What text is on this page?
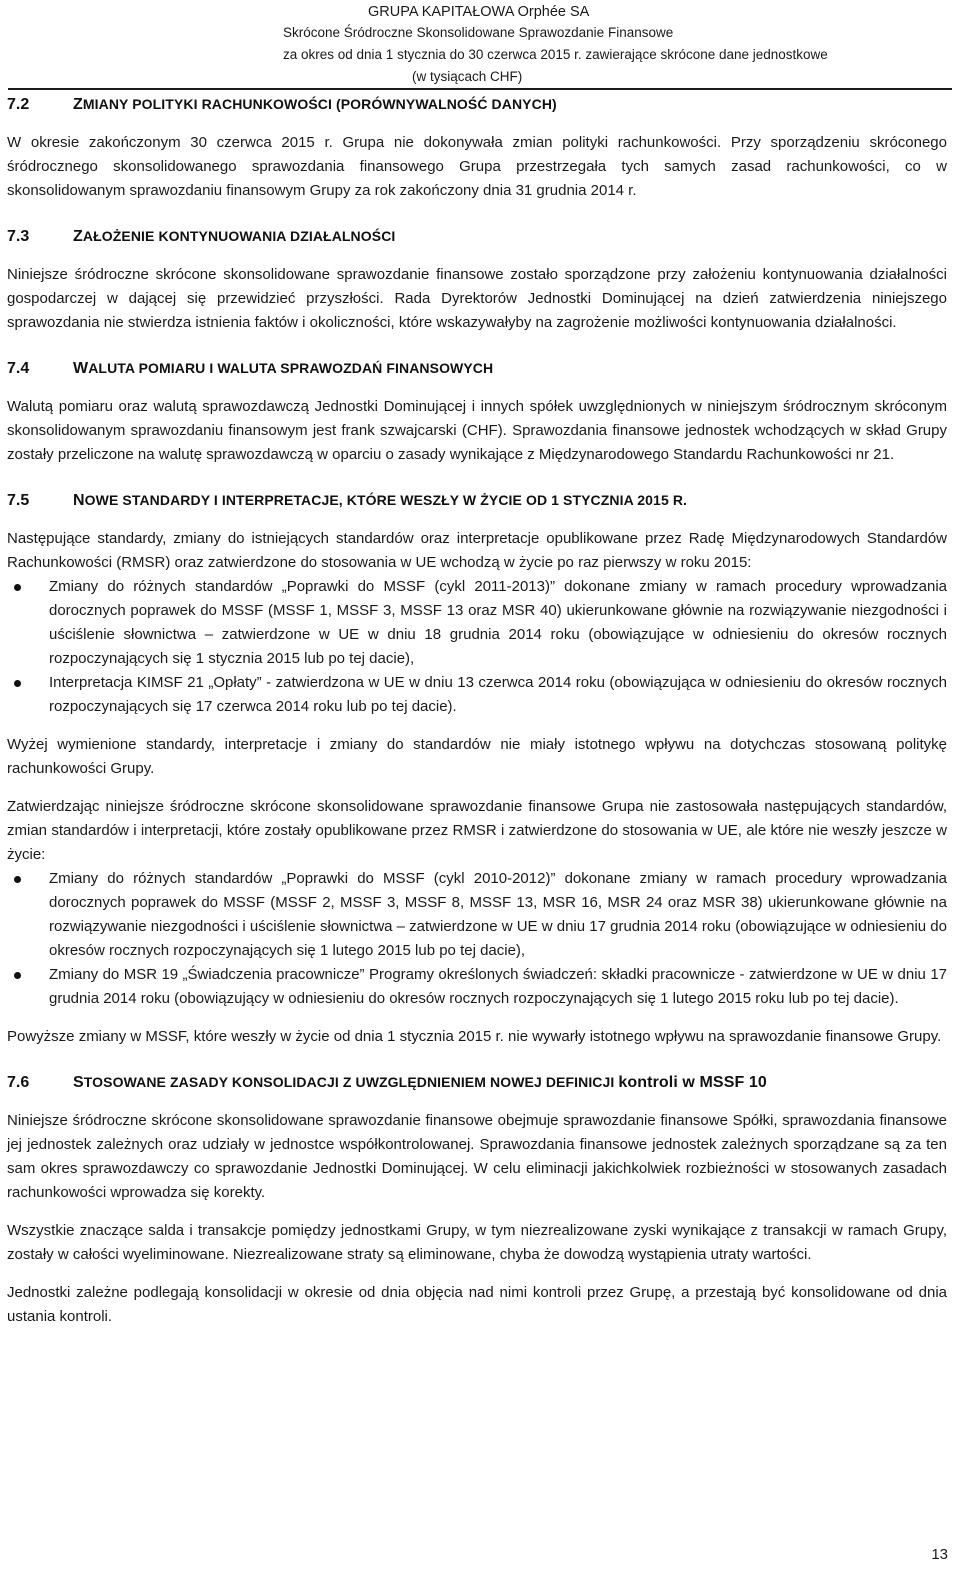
GRUPA KAPITAŁOWA Orphée SA
Skrócone Śródroczne Skonsolidowane Sprawozdanie Finansowe
za okres od dnia 1 stycznia do 30 czerwca 2015 r. zawierające skrócone dane jednostkowe
(w tysiącach CHF)
7.2	ZMIANY POLITYKI RACHUNKOWOŚCI (PORÓWNYWALNOŚĆ DANYCH)

W okresie zakończonym 30 czerwca 2015 r. Grupa nie dokonywała zmian polityki rachunkowości. Przy sporządzeniu skróconego śródrocznego skonsolidowanego sprawozdania finansowego Grupa przestrzegała tych samych zasad rachunkowości, co w skonsolidowanym sprawozdaniu finansowym Grupy za rok zakończony dnia 31 grudnia 2014 r.

7.3	ZAŁOŻENIE KONTYNUOWANIA DZIAŁALNOŚCI

Niniejsze śródroczne skrócone skonsolidowane sprawozdanie finansowe zostało sporządzone przy założeniu kontynuowania działalności gospodarczej w dającej się przewidzieć przyszłości. Rada Dyrektorów Jednostki Dominującej na dzień zatwierdzenia niniejszego sprawozdania nie stwierdza istnienia faktów i okoliczności, które wskazywałyby na zagrożenie możliwości kontynuowania działalności.

7.4	WALUTA POMIARU I WALUTA SPRAWOZDAŃ FINANSOWYCH

Walutą pomiaru oraz walutą sprawozdawczą Jednostki Dominującej i innych spółek uwzględnionych w niniejszym śródrocznym skróconym skonsolidowanym sprawozdaniu finansowym jest frank szwajcarski (CHF). Sprawozdania finansowe jednostek wchodzących w skład Grupy zostały przeliczone na walutę sprawozdawczą w oparciu o zasady wynikające z Międzynarodowego Standardu Rachunkowości nr 21.

7.5	NOWE STANDARDY I INTERPRETACJE, KTÓRE WESZŁY W ŻYCIE OD 1 STYCZNIA 2015 R.

Następujące standardy, zmiany do istniejących standardów oraz interpretacje opublikowane przez Radę Międzynarodowych Standardów Rachunkowości (RMSR) oraz zatwierdzone do stosowania w UE wchodzą w życie po raz pierwszy w roku 2015:

Zmiany do różnych standardów „Poprawki do MSSF (cykl 2011-2013)” dokonane zmiany w ramach procedury wprowadzania dorocznych poprawek do MSSF (MSSF 1, MSSF 3, MSSF 13 oraz MSR 40) ukierunkowane głównie na rozwiązywanie niezgodności i uściślenie słownictwa – zatwierdzone w UE w dniu 18 grudnia 2014 roku (obowiązujące w odniesieniu do okresów rocznych rozpoczynających się 1 stycznia 2015 lub po tej dacie),
Interpretacja KIMSF 21 „Opłaty” - zatwierdzona w UE w dniu 13 czerwca 2014 roku (obowiązująca w odniesieniu do okresów rocznych rozpoczynających się 17 czerwca 2014 roku lub po tej dacie).

Wyżej wymienione standardy, interpretacje i zmiany do standardów nie miały istotnego wpływu na dotychczas stosowaną politykę rachunkowości Grupy.

Zatwierdzając niniejsze śródroczne skrócone skonsolidowane sprawozdanie finansowe Grupa nie zastosowała następujących standardów, zmian standardów i interpretacji, które zostały opublikowane przez RMSR i zatwierdzone do stosowania w UE, ale które nie weszły jeszcze w życie:

Zmiany do różnych standardów „Poprawki do MSSF (cykl 2010-2012)” dokonane zmiany w ramach procedury wprowadzania dorocznych poprawek do MSSF (MSSF 2, MSSF 3, MSSF 8, MSSF 13, MSR 16, MSR 24 oraz MSR 38) ukierunkowane głównie na rozwiązywanie niezgodności i uściślenie słownictwa – zatwierdzone w UE w dniu 17 grudnia 2014 roku (obowiązujące w odniesieniu do okresów rocznych rozpoczynających się 1 lutego 2015 lub po tej dacie),
Zmiany do MSR 19 „Świadczenia pracownicze” Programy określonych świadczeń: składki pracownicze - zatwierdzone w UE w dniu 17 grudnia 2014 roku (obowiązujący w odniesieniu do okresów rocznych rozpoczynających się 1 lutego 2015 roku lub po tej dacie).

Powyższe zmiany w MSSF, które weszły w życie od dnia 1 stycznia 2015 r. nie wywarły istotnego wpływu na sprawozdanie finansowe Grupy.

7.6	STOSOWANE ZASADY KONSOLIDACJI Z UWZGLĘDNIENIEM NOWEJ DEFINICJI kontroli w MSSF 10

Niniejsze śródroczne skrócone skonsolidowane sprawozdanie finansowe obejmuje sprawozdanie finansowe Spółki, sprawozdania finansowe jej jednostek zależnych oraz udziały w jednostce współkontrolowanej. Sprawozdania finansowe jednostek zależnych sporządzane są za ten sam okres sprawozdawczy co sprawozdanie Jednostki Dominującej. W celu eliminacji jakichkolwiek rozbieżności w stosowanych zasadach rachunkowości wprowadza się korekty.

Wszystkie znaczące salda i transakcje pomiędzy jednostkami Grupy, w tym niezrealizowane zyski wynikające z transakcji w ramach Grupy, zostały w całości wyeliminowane. Niezrealizowane straty są eliminowane, chyba że dowodzą wystąpienia utraty wartości.

Jednostki zależne podlegają konsolidacji w okresie od dnia objęcia nad nimi kontroli przez Grupę, a przestają być konsolidowane od dnia ustania kontroli.

13
